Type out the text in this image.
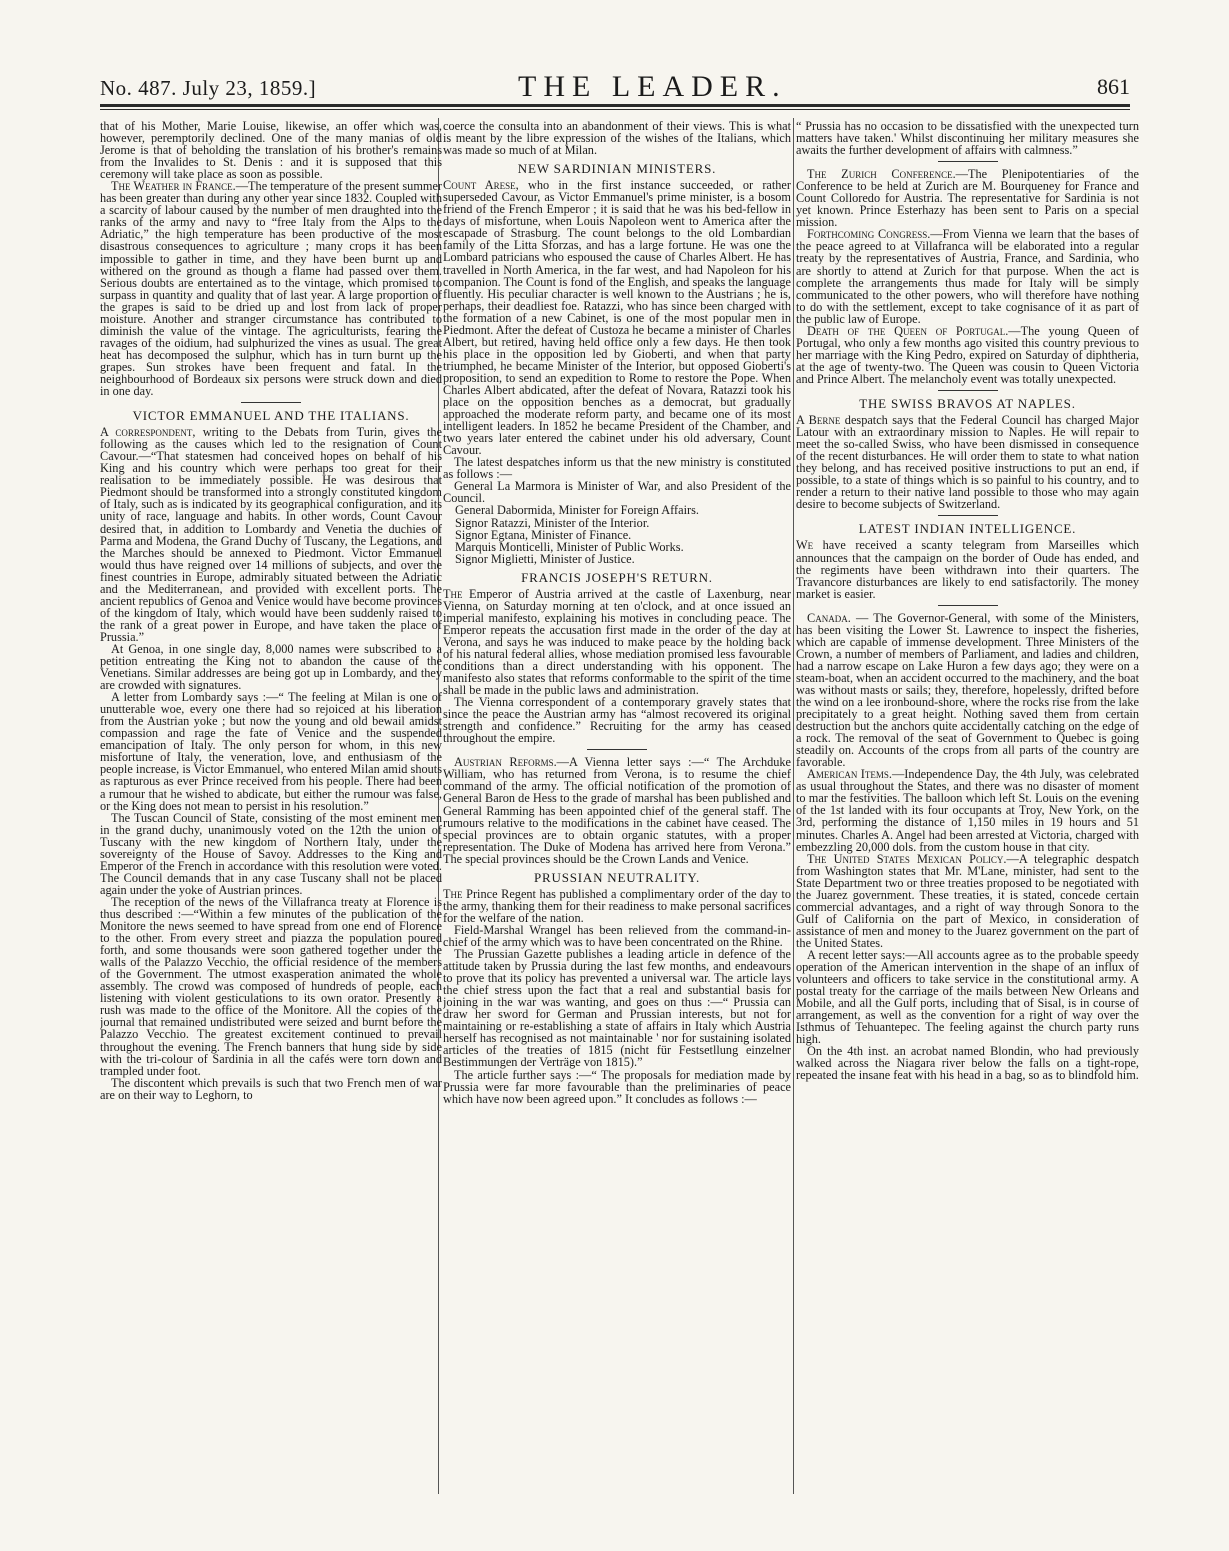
No. 487. July 23, 1859.]	THE LEADER.	861

that of his Mother, Marie Louise, likewise, an offer which was, however, peremptorily declined. One of the many manias of old Jerome is that of beholding the translation of his brother's remains from the Invalides to St. Denis : and it is supposed that this ceremony will take place as soon as possible.

The Weather in France.—The temperature of the present summer has been greater than during any other year since 1832. Coupled with a scarcity of labour caused by the number of men draughted into the ranks of the army and navy to “free Italy from the Alps to the Adriatic,” the high temperature has been productive of the most disastrous consequences to agriculture ; many crops it has been impossible to gather in time, and they have been burnt up and withered on the ground as though a flame had passed over them. Serious doubts are entertained as to the vintage, which promised to surpass in quantity and quality that of last year. A large proportion of the grapes is said to be dried up and lost from lack of proper moisture. Another and stranger circumstance has contributed to diminish the value of the vintage. The agriculturists, fearing the ravages of the oidium, had sulphurized the vines as usual. The great heat has decomposed the sulphur, which has in turn burnt up the grapes. Sun strokes have been frequent and fatal. In the neighbourhood of Bordeaux six persons were struck down and died in one day.

VICTOR EMMANUEL AND THE ITALIANS.

A correspondent, writing to the Debats from Turin, gives the following as the causes which led to the resignation of Count Cavour.—“That statesmen had conceived hopes on behalf of his King and his country which were perhaps too great for their realisation to be immediately possible. He was desirous that Piedmont should be transformed into a strongly constituted kingdom of Italy, such as is indicated by its geographical configuration, and its unity of race, language and habits. In other words, Count Cavour desired that, in addition to Lombardy and Venetia the duchies of Parma and Modena, the Grand Duchy of Tuscany, the Legations, and the Marches should be annexed to Piedmont. Victor Emmanuel would thus have reigned over 14 millions of subjects, and over the finest countries in Europe, admirably situated between the Adriatic and the Mediterranean, and provided with excellent ports. The ancient republics of Genoa and Venice would have become provinces of the kingdom of Italy, which would have been suddenly raised to the rank of a great power in Europe, and have taken the place of Prussia.”

At Genoa, in one single day, 8,000 names were subscribed to a petition entreating the King not to abandon the cause of the Venetians. Similar addresses are being got up in Lombardy, and they are crowded with signatures.

A letter from Lombardy says :—“ The feeling at Milan is one of unutterable woe, every one there had so rejoiced at his liberation from the Austrian yoke ; but now the young and old bewail amidst compassion and rage the fate of Venice and the suspended emancipation of Italy. The only person for whom, in this new misfortune of Italy, the veneration, love, and enthusiasm of the people increase, is Victor Emmanuel, who entered Milan amid shouts as rapturous as ever Prince received from his people. There had been a rumour that he wished to abdicate, but either the rumour was false, or the King does not mean to persist in his resolution.”

The Tuscan Council of State, consisting of the most eminent men in the grand duchy, unanimously voted on the 12th the union of Tuscany with the new kingdom of Northern Italy, under the sovereignty of the House of Savoy. Addresses to the King and Emperor of the French in accordance with this resolution were voted. The Council demands that in any case Tuscany shall not be placed again under the yoke of Austrian princes.

The reception of the news of the Villafranca treaty at Florence is thus described :—“Within a few minutes of the publication of the Monitore the news seemed to have spread from one end of Florence to the other. From every street and piazza the population poured forth, and some thousands were soon gathered together under the walls of the Palazzo Vecchio, the official residence of the members of the Government. The utmost exasperation animated the whole assembly. The crowd was composed of hundreds of people, each listening with violent gesticulations to its own orator. Presently a rush was made to the office of the Monitore. All the copies of the journal that remained undistributed were seized and burnt before the Palazzo Vecchio. The greatest excitement continued to prevail throughout the evening. The French banners that hung side by side with the tri-colour of Sardinia in all the cafés were torn down and trampled under foot.

The discontent which prevails is such that two French men of war are on their way to Leghorn, to

coerce the consulta into an abandonment of their views. This is what is meant by the libre expression of the wishes of the Italians, which was made so much of at Milan.

NEW SARDINIAN MINISTERS.

Count Arese, who in the first instance succeeded, or rather superseded Cavour, as Victor Emmanuel's prime minister, is a bosom friend of the French Emperor ; it is said that he was his bed-fellow in days of misfortune, when Louis Napoleon went to America after the escapade of Strasburg. The count belongs to the old Lombardian family of the Litta Sforzas, and has a large fortune. He was one the Lombard patricians who espoused the cause of Charles Albert. He has travelled in North America, in the far west, and had Napoleon for his companion. The Count is fond of the English, and speaks the language fluently. His peculiar character is well known to the Austrians ; he is, perhaps, their deadliest foe. Ratazzi, who has since been charged with the formation of a new Cabinet, is one of the most popular men in Piedmont. After the defeat of Custoza he became a minister of Charles Albert, but retired, having held office only a few days. He then took his place in the opposition led by Gioberti, and when that party triumphed, he became Minister of the Interior, but opposed Gioberti's proposition, to send an expedition to Rome to restore the Pope. When Charles Albert abdicated, after the defeat of Novara, Ratazzi took his place on the opposition benches as a democrat, but gradually approached the moderate reform party, and became one of its most intelligent leaders. In 1852 he became President of the Chamber, and two years later entered the cabinet under his old adversary, Count Cavour.

The latest despatches inform us that the new ministry is constituted as follows :—

General La Marmora is Minister of War, and also President of the Council.

General Dabormida, Minister for Foreign Affairs.

Signor Ratazzi, Minister of the Interior.

Signor Egtana, Minister of Finance.

Marquis Monticelli, Minister of Public Works.

Signor Miglietti, Minister of Justice.

FRANCIS JOSEPH'S RETURN.

The Emperor of Austria arrived at the castle of Laxenburg, near Vienna, on Saturday morning at ten o'clock, and at once issued an imperial manifesto, explaining his motives in concluding peace. The Emperor repeats the accusation first made in the order of the day at Verona, and says he was induced to make peace by the holding back of his natural federal allies, whose mediation promised less favourable conditions than a direct understanding with his opponent. The manifesto also states that reforms conformable to the spirit of the time shall be made in the public laws and administration.

The Vienna correspondent of a contemporary gravely states that since the peace the Austrian army has “almost recovered its original strength and confidence.” Recruiting for the army has ceased throughout the empire.

Austrian Reforms.—A Vienna letter says :—“ The Archduke William, who has returned from Verona, is to resume the chief command of the army. The official notification of the promotion of General Baron de Hess to the grade of marshal has been published and General Ramming has been appointed chief of the general staff. The rumours relative to the modifications in the cabinet have ceased. The special provinces are to obtain organic statutes, with a proper representation. The Duke of Modena has arrived here from Verona.” The special provinces should be the Crown Lands and Venice.

PRUSSIAN NEUTRALITY.

The Prince Regent has published a complimentary order of the day to the army, thanking them for their readiness to make personal sacrifices for the welfare of the nation.

Field-Marshal Wrangel has been relieved from the command-in-chief of the army which was to have been concentrated on the Rhine.

The Prussian Gazette publishes a leading article in defence of the attitude taken by Prussia during the last few months, and endeavours to prove that its policy has prevented a universal war. The article lays the chief stress upon the fact that a real and substantial basis for joining in the war was wanting, and goes on thus :—“ Prussia can draw her sword for German and Prussian interests, but not for maintaining or re-establishing a state of affairs in Italy which Austria herself has recognised as not maintainable ' nor for sustaining isolated articles of the treaties of 1815 (nicht für Festsetllung einzelner Bestimmungen der Verträge von 1815).”

The article further says :—“ The proposals for mediation made by Prussia were far more favourable than the preliminaries of peace which have now been agreed upon.” It concludes as follows :—

“ Prussia has no occasion to be dissatisfied with the unexpected turn matters have taken.' Whilst discontinuing her military measures she awaits the further development of affairs with calmness.”

The Zurich Conference.—The Plenipotentiaries of the Conference to be held at Zurich are M. Bourqueney for France and Count Colloredo for Austria. The representative for Sardinia is not yet known. Prince Esterhazy has been sent to Paris on a special mission.

Forthcoming Congress.—From Vienna we learn that the bases of the peace agreed to at Villafranca will be elaborated into a regular treaty by the representatives of Austria, France, and Sardinia, who are shortly to attend at Zurich for that purpose. When the act is complete the arrangements thus made for Italy will be simply communicated to the other powers, who will therefore have nothing to do with the settlement, except to take cognisance of it as part of the public law of Europe.

Death of the Queen of Portugal.—The young Queen of Portugal, who only a few months ago visited this country previous to her marriage with the King Pedro, expired on Saturday of diphtheria, at the age of twenty-two. The Queen was cousin to Queen Victoria and Prince Albert. The melancholy event was totally unexpected.

THE SWISS BRAVOS AT NAPLES.

A Berne despatch says that the Federal Council has charged Major Latour with an extraordinary mission to Naples. He will repair to meet the so-called Swiss, who have been dismissed in consequence of the recent disturbances. He will order them to state to what nation they belong, and has received positive instructions to put an end, if possible, to a state of things which is so painful to his country, and to render a return to their native land possible to those who may again desire to become subjects of Switzerland.

LATEST INDIAN INTELLIGENCE.

We have received a scanty telegram from Marseilles which announces that the campaign on the border of Oude has ended, and the regiments have been withdrawn into their quarters. The Travancore disturbances are likely to end satisfactorily. The money market is easier.

Canada. — The Governor-General, with some of the Ministers, has been visiting the Lower St. Lawrence to inspect the fisheries, which are capable of immense development. Three Ministers of the Crown, a number of members of Parliament, and ladies and children, had a narrow escape on Lake Huron a few days ago; they were on a steam-boat, when an accident occurred to the machinery, and the boat was without masts or sails; they, therefore, hopelessly, drifted before the wind on a lee ironbound-shore, where the rocks rise from the lake precipitately to a great height. Nothing saved them from certain destruction but the anchors quite accidentally catching on the edge of a rock. The removal of the seat of Government to Quebec is going steadily on. Accounts of the crops from all parts of the country are favorable.

American Items.—Independence Day, the 4th July, was celebrated as usual throughout the States, and there was no disaster of moment to mar the festivities. The balloon which left St. Louis on the evening of the 1st landed with its four occupants at Troy, New York, on the 3rd, performing the distance of 1,150 miles in 19 hours and 51 minutes. Charles A. Angel had been arrested at Victoria, charged with embezzling 20,000 dols. from the custom house in that city.

The United States Mexican Policy.—A telegraphic despatch from Washington states that Mr. M'Lane, minister, had sent to the State Department two or three treaties proposed to be negotiated with the Juarez government. These treaties, it is stated, concede certain commercial advantages, and a right of way through Sonora to the Gulf of California on the part of Mexico, in consideration of assistance of men and money to the Juarez government on the part of the United States.

A recent letter says:—All accounts agree as to the probable speedy operation of the American intervention in the shape of an influx of volunteers and officers to take service in the constitutional army. A postal treaty for the carriage of the mails between New Orleans and Mobile, and all the Gulf ports, including that of Sisal, is in course of arrangement, as well as the convention for a right of way over the Isthmus of Tehuantepec. The feeling against the church party runs high.

On the 4th inst. an acrobat named Blondin, who had previously walked across the Niagara river below the falls on a tight-rope, repeated the insane feat with his head in a bag, so as to blindfold him.
